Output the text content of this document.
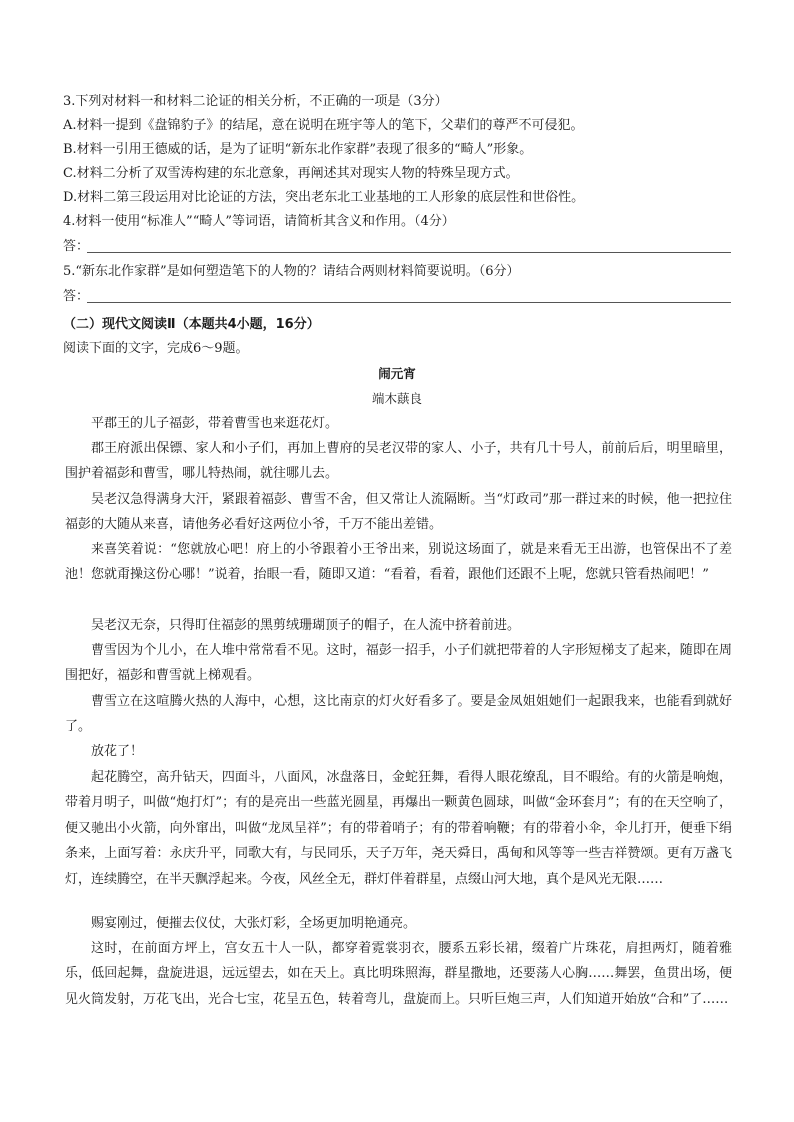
3.下列对材料一和材料二论证的相关分析，不正确的一项是（3分）
A.材料一提到《盘锦豹子》的结尾，意在说明在班宇等人的笔下，父辈们的尊严不可侵犯。
B.材料一引用王德威的话，是为了证明“新东北作家群”表现了很多的“畸人”形象。
C.材料二分析了双雪涛构建的东北意象，再阐述其对现实人物的特殊呈现方式。
D.材料二第三段运用对比论证的方法，突出老东北工业基地的工人形象的底层性和世俗性。
4.材料一使用“标准人”“畸人”等词语，请简析其含义和作用。（4分）
答：
5.“新东北作家群”是如何塑造笔下的人物的？请结合两则材料简要说明。（6分）
答：
（二）现代文阅读Ⅱ（本题共4小题，16分）
阅读下面的文字，完成6～9题。
闹元宵
端木蕻良
平郡王的儿子福彭，带着曹雪也来逛花灯。
郡王府派出保镖、家人和小子们，再加上曹府的吴老汉带的家人、小子，共有几十号人，前前后后，明里暗里，围护着福彭和曹雪，哪儿特热闹，就往哪儿去。
吴老汉急得满身大汗，紧跟着福彭、曹雪不舍，但又常让人流隔断。当“灯政司”那一群过来的时候，他一把拉住福彭的大随从来喜，请他务必看好这两位小爷，千万不能出差错。
来喜笑着说：“您就放心吧！府上的小爷跟着小王爷出来，别说这场面了，就是来看无王出游，也管保出不了差池！您就甭操这份心哪！”说着，抬眼一看，随即又道：“看着，看着，跟他们还跟不上呢，您就只管看热闹吧！”
吴老汉无奈，只得盯住福彭的黑剪绒珊瑚顶子的帽子，在人流中挤着前进。
曹雪因为个儿小，在人堆中常常看不见。这时，福彭一招手，小子们就把带着的人字形短梯支了起来，随即在周围把好，福彭和曹雪就上梯观看。
曹雪立在这喧腾火热的人海中，心想，这比南京的灯火好看多了。要是金凤姐姐她们一起跟我来，也能看到就好了。
放花了！
起花腾空，高升钻天，四面斗，八面风，冰盘落日，金蛇狂舞，看得人眼花缭乱，目不暇给。有的火箭是响炮，带着月明子，叫做“炮打灯”；有的是亮出一些蓝光圆星，再爆出一颗黄色圆球，叫做“金环套月”；有的在天空响了，便又驰出小火箭，向外窜出，叫做“龙凤呈祥”；有的带着哨子；有的带着响鞭；有的带着小伞，伞儿打开，便垂下绢条来，上面写着：永庆升平，同歌大有，与民同乐，天子万年，尧天舜日，禹甸和风等等一些吉祥赞颂。更有万盏飞灯，连续腾空，在半天飘浮起来。今夜，风丝全无，群灯伴着群星，点缀山河大地，真个是风光无限……
赐宴刚过，便摧去仪仗，大张灯彩，全场更加明艳通亮。
这时，在前面方坪上，宫女五十人一队，都穿着霓裳羽衣，腰系五彩长裙，缀着广片珠花，肩担两灯，随着雅乐，低回起舞，盘旋进退，远远望去，如在天上。真比明珠照海，群星撒地，还要荡人心胸……舞罢，鱼贯出场，便见火筒发射，万花飞出，光合七宝，花呈五色，转着弯儿，盘旋而上。只听巨炮三声，人们知道开始放“合和”了……
